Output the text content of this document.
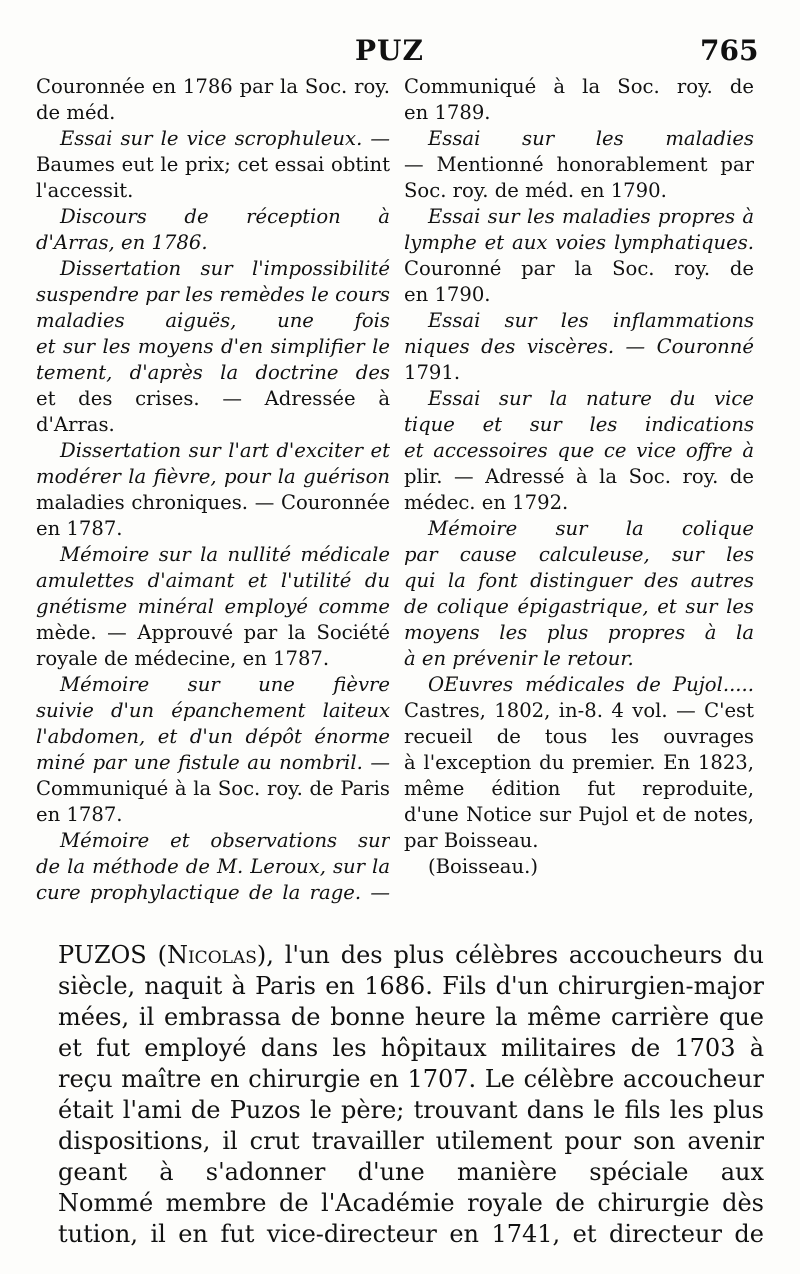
PUZ	765
Couronnée en 1786 par la Soc. roy.
de méd.
Essai sur le vice scrophuleux. —
Baumes eut le prix; cet essai obtint
l'accessit.
Discours de réception à
d'Arras, en 1786.
Dissertation sur l'impossibilité
suspendre par les remèdes le cours
maladies aiguës, une fois
et sur les moyens d'en simplifier le
tement, d'après la doctrine des
et des crises. — Adressée à
d'Arras.
Dissertation sur l'art d'exciter et
modérer la fièvre, pour la guérison
maladies chroniques. — Couronnée
en 1787.
Mémoire sur la nullité médicale
amulettes d'aimant et l'utilité du
gnétisme minéral employé comme
mède. — Approuvé par la Société
royale de médecine, en 1787.
Mémoire sur une fièvre
suivie d'un épanchement laiteux
l'abdomen, et d'un dépôt énorme
miné par une fistule au nombril. —
Communiqué à la Soc. roy. de Paris
en 1787.
Mémoire et observations sur
de la méthode de M. Leroux, sur la
cure prophylactique de la rage. —
Communiqué à la Soc. roy. de
en 1789.
Essai sur les maladies
— Mentionné honorablement par
Soc. roy. de méd. en 1790.
Essai sur les maladies propres à
lymphe et aux voies lymphatiques.
Couronné par la Soc. roy. de
en 1790.
Essai sur les inflammations
niques des viscères. — Couronné
1791.
Essai sur la nature du vice
tique et sur les indications
et accessoires que ce vice offre à
plir. — Adressé à la Soc. roy. de
médec. en 1792.
Mémoire sur la colique
par cause calculeuse, sur les
qui la font distinguer des autres
de colique épigastrique, et sur les
moyens les plus propres à la
à en prévenir le retour.
OEuvres médicales de Pujol.....
Castres, 1802, in-8. 4 vol. — C'est
recueil de tous les ouvrages
à l'exception du premier. En 1823,
même édition fut reproduite,
d'une Notice sur Pujol et de notes,
par Boisseau.
(Boisseau.)
PUZOS (Nicolas), l'un des plus célèbres accoucheurs du
siècle, naquit à Paris en 1686. Fils d'un chirurgien-major
mées, il embrassa de bonne heure la même carrière que
et fut employé dans les hôpitaux militaires de 1703 à
reçu maître en chirurgie en 1707. Le célèbre accoucheur
était l'ami de Puzos le père; trouvant dans le fils les plus
dispositions, il crut travailler utilement pour son avenir
geant à s'adonner d'une manière spéciale aux
Nommé membre de l'Académie royale de chirurgie dès
tution, il en fut vice-directeur en 1741, et directeur de
